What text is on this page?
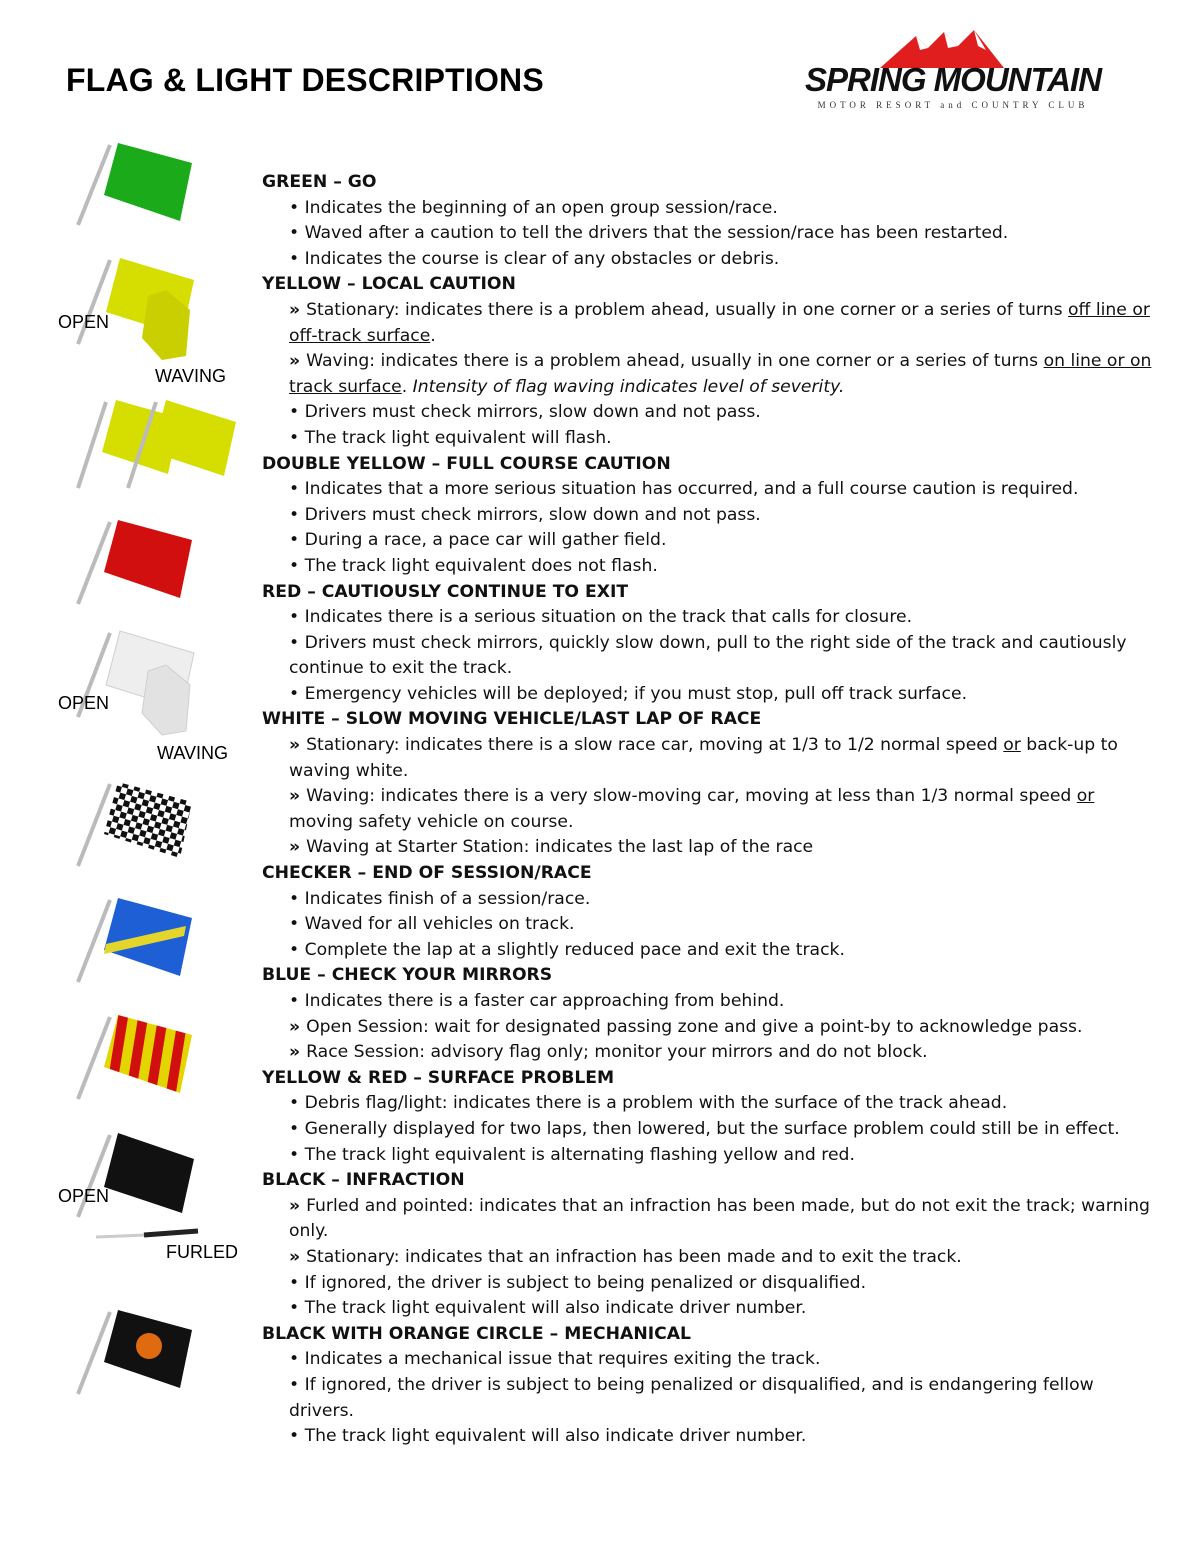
FLAG & LIGHT DESCRIPTIONS	SPRING MOUNTAIN
MOTOR RESORT and COUNTRY CLUB
OPEN
WAVING
OPEN
WAVING
OPEN
FURLED

GREEN – GO

• Indicates the beginning of an open group session/race.

• Waved after a caution to tell the drivers that the session/race has been restarted.

• Indicates the course is clear of any obstacles or debris.

YELLOW – LOCAL CAUTION

» Stationary: indicates there is a problem ahead, usually in one corner or a series of turns off line or off-track surface.

» Waving: indicates there is a problem ahead, usually in one corner or a series of turns on line or on track surface. Intensity of flag waving indicates level of severity.

• Drivers must check mirrors, slow down and not pass.

• The track light equivalent will flash.

DOUBLE YELLOW – FULL COURSE CAUTION

• Indicates that a more serious situation has occurred, and a full course caution is required.

• Drivers must check mirrors, slow down and not pass.

• During a race, a pace car will gather field.

• The track light equivalent does not flash.

RED – CAUTIOUSLY CONTINUE TO EXIT

• Indicates there is a serious situation on the track that calls for closure.

• Drivers must check mirrors, quickly slow down, pull to the right side of the track and cautiously continue to exit the track.

• Emergency vehicles will be deployed; if you must stop, pull off track surface.

WHITE – SLOW MOVING VEHICLE/LAST LAP OF RACE

» Stationary: indicates there is a slow race car, moving at 1/3 to 1/2 normal speed or back-up to waving white.

» Waving: indicates there is a very slow-moving car, moving at less than 1/3 normal speed or moving safety vehicle on course.

» Waving at Starter Station: indicates the last lap of the race

CHECKER – END OF SESSION/RACE

• Indicates finish of a session/race.

• Waved for all vehicles on track.

• Complete the lap at a slightly reduced pace and exit the track.

BLUE – CHECK YOUR MIRRORS

• Indicates there is a faster car approaching from behind.

» Open Session: wait for designated passing zone and give a point-by to acknowledge pass.

» Race Session: advisory flag only; monitor your mirrors and do not block.

YELLOW & RED – SURFACE PROBLEM

• Debris flag/light: indicates there is a problem with the surface of the track ahead.

• Generally displayed for two laps, then lowered, but the surface problem could still be in effect.

• The track light equivalent is alternating flashing yellow and red.

BLACK – INFRACTION

» Furled and pointed: indicates that an infraction has been made, but do not exit the track; warning only.

» Stationary: indicates that an infraction has been made and to exit the track.

• If ignored, the driver is subject to being penalized or disqualified.

• The track light equivalent will also indicate driver number.

BLACK WITH ORANGE CIRCLE – MECHANICAL

• Indicates a mechanical issue that requires exiting the track.

• If ignored, the driver is subject to being penalized or disqualified, and is endangering fellow drivers.

• The track light equivalent will also indicate driver number.
